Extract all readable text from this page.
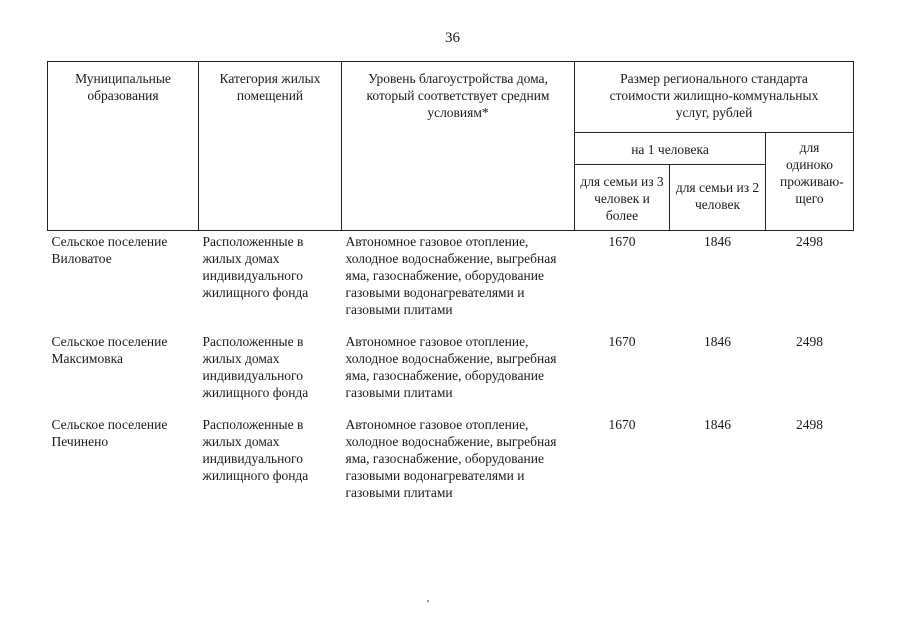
36
Муниципальные образования	Категория жилых помещений	Уровень благоустройства дома, который соответствует средним условиям*	Размер регионального стандарта стоимости жилищно-коммунальных услуг, рублей		
			на 1 человека		для одиноко проживаю-щего
			для семьи из 3 человек и более	для семьи из 2 человек	
Сельское поселение Виловатое	Расположенные в жилых домах индивидуального жилищного фонда	Автономное газовое отопление, холодное водоснабжение, выгребная яма, газоснабжение, оборудование газовыми водонагревателями и газовыми плитами	1670	1846	2498
Сельское поселение Максимовка	Расположенные в жилых домах индивидуального жилищного фонда	Автономное газовое отопление, холодное водоснабжение, выгребная яма, газоснабжение, оборудование газовыми плитами	1670	1846	2498
Сельское поселение Печинено	Расположенные в жилых домах индивидуального жилищного фонда	Автономное газовое отопление, холодное водоснабжение, выгребная яма, газоснабжение, оборудование газовыми водонагревателями и газовыми плитами	1670	1846	2498
